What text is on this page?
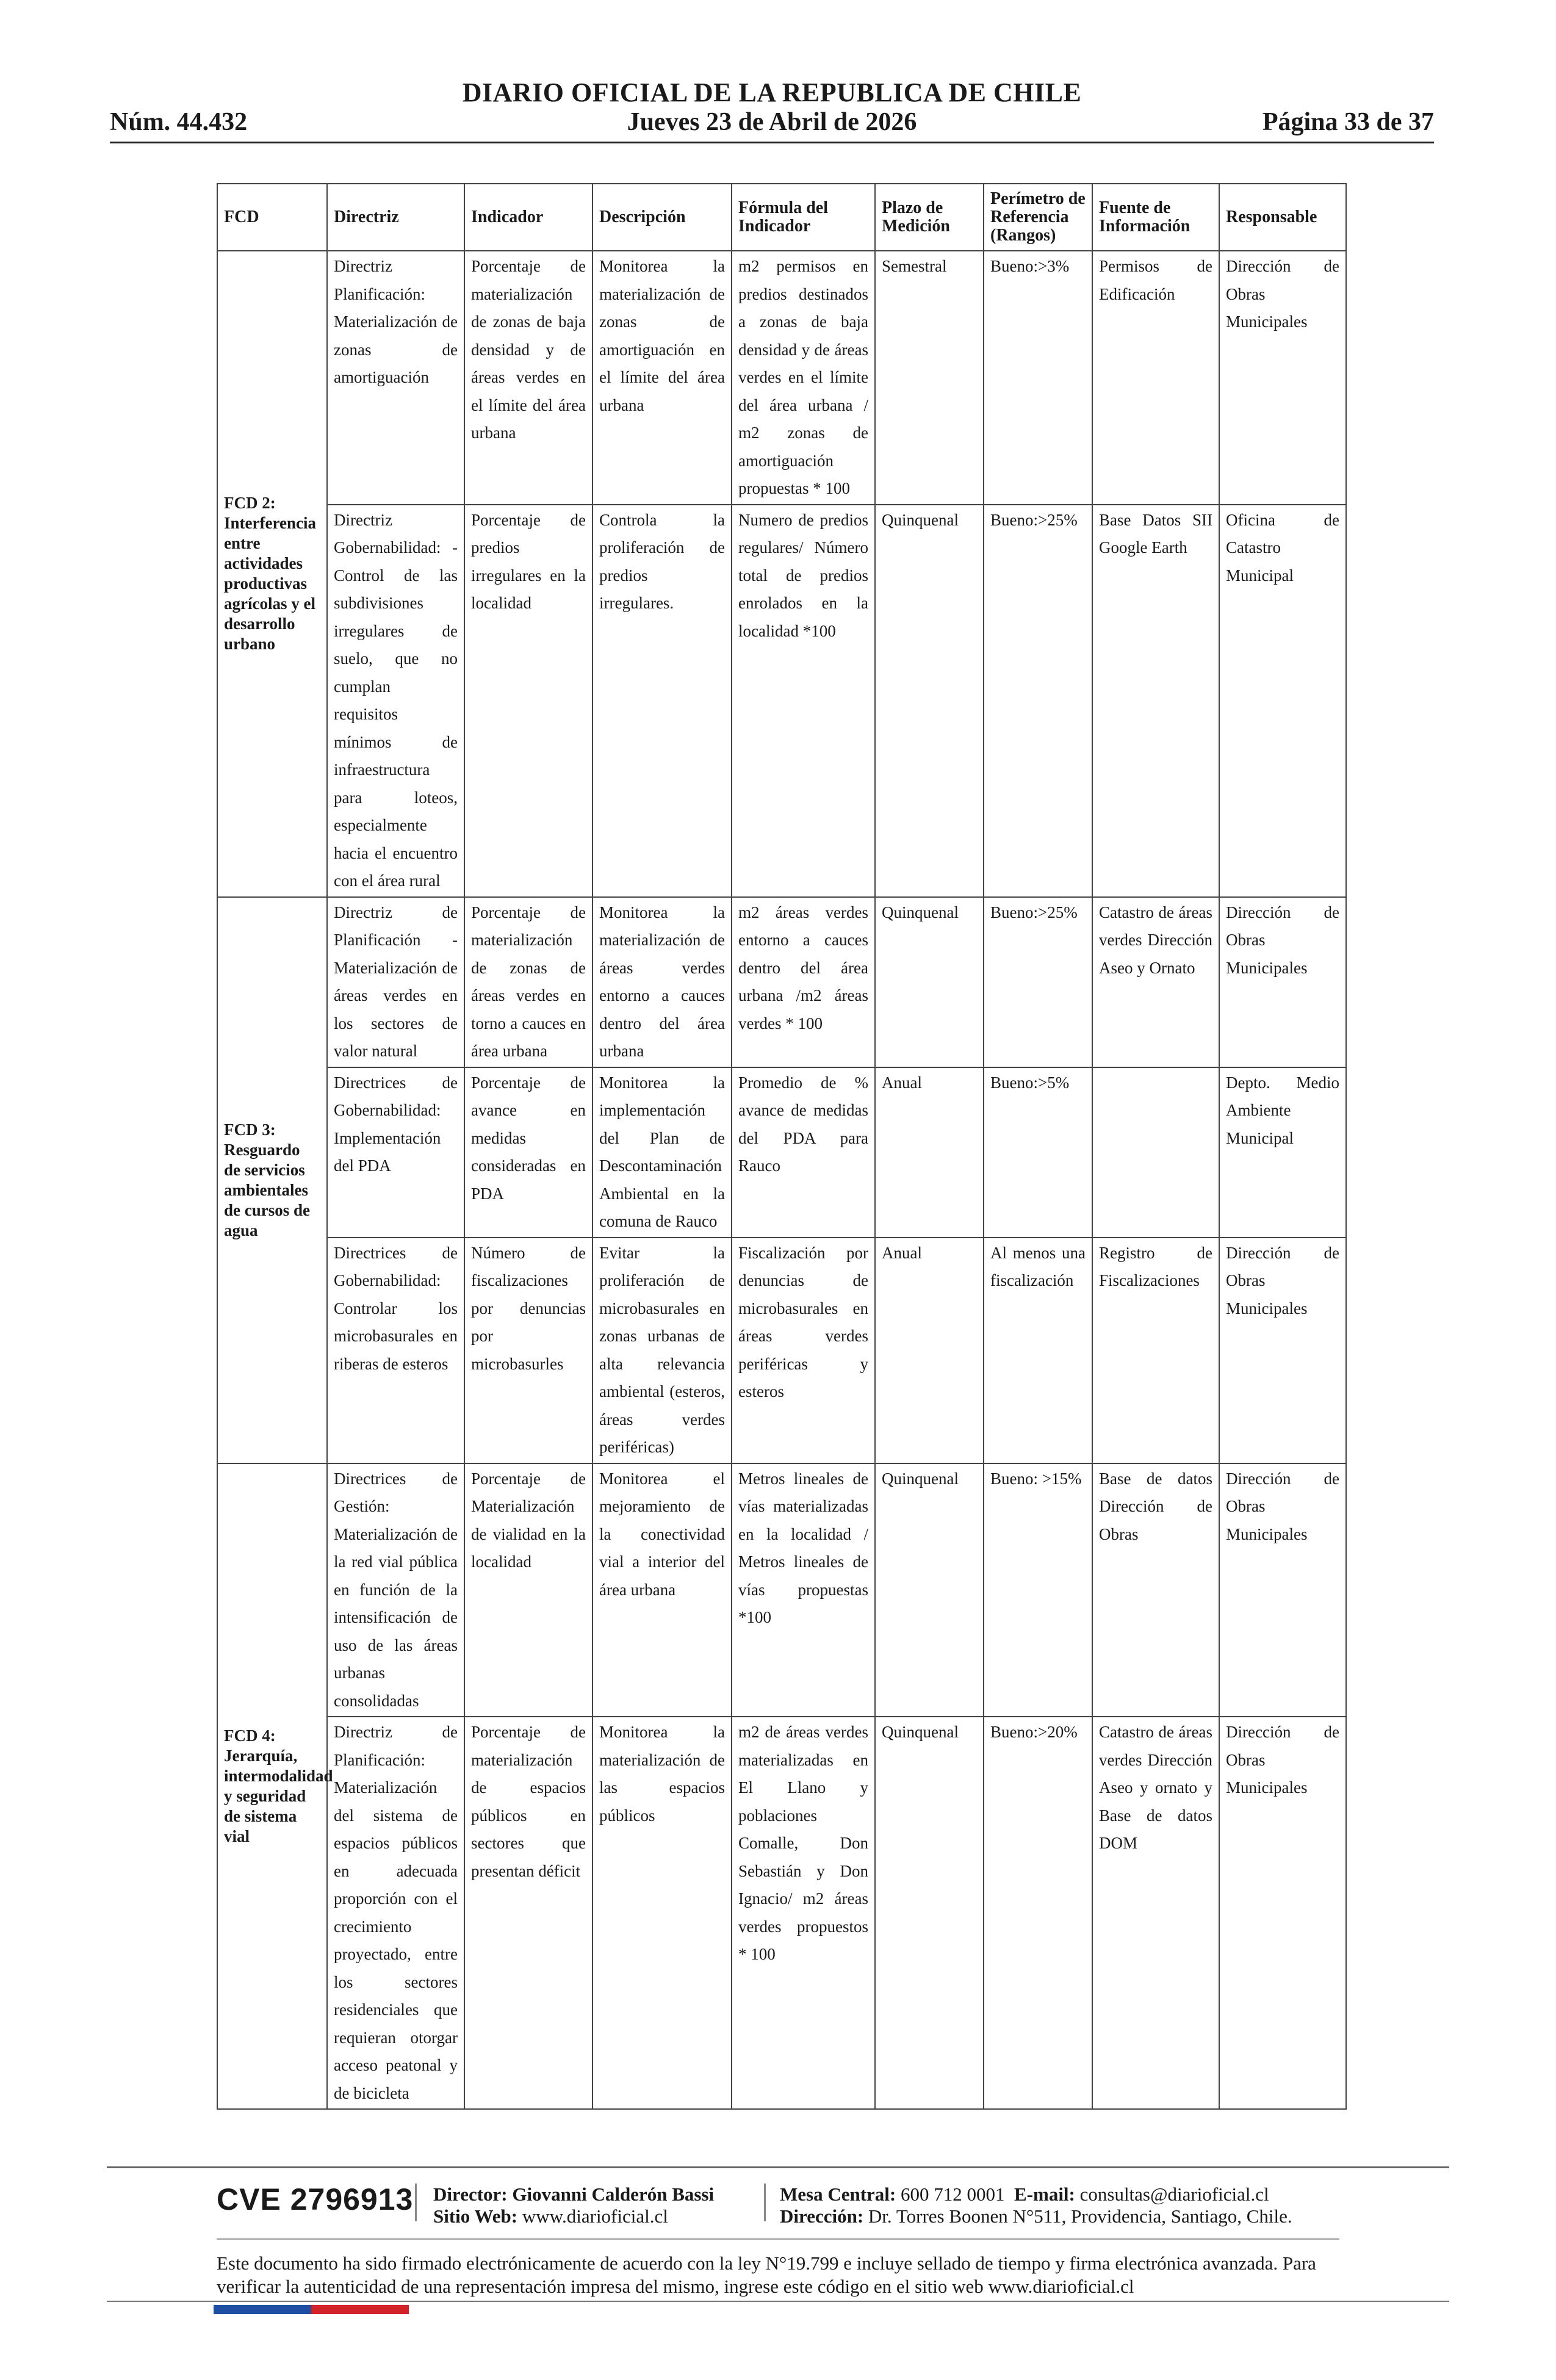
DIARIO OFICIAL DE LA REPUBLICA DE CHILE
Jueves 23 de Abril de 2026
Núm. 44.432	Página 33 de 37
FCD	Directriz	Indicador	Descripción	Fórmula del Indicador	Plazo de Medición	Perímetro de Referencia (Rangos)	Fuente de Información	Responsable
FCD 2: Interferencia entre actividades productivas agrícolas y el desarrollo urbano	Directriz Planificación: Materialización de zonas de amortiguación	Porcentaje de materialización de zonas de baja densidad y de áreas verdes en el límite del área urbana	Monitorea la materialización de zonas de amortiguación en el límite del área urbana	m2 permisos en predios destinados a zonas de baja densidad y de áreas verdes en el límite del área urbana / m2 zonas de amortiguación propuestas * 100	Semestral	Bueno:>3%	Permisos de Edificación	Dirección de Obras Municipales
	Directriz Gobernabilidad: - Control de las subdivisiones irregulares de suelo, que no cumplan requisitos mínimos de infraestructura para loteos, especialmente hacia el encuentro con el área rural	Porcentaje de predios irregulares en la localidad	Controla la proliferación de predios irregulares.	Numero de predios regulares/ Número total de predios enrolados en la localidad *100	Quinquenal	Bueno:>25%	Base Datos SII Google Earth	Oficina de Catastro Municipal
FCD 3: Resguardo de servicios ambientales de cursos de agua	Directriz de Planificación - Materialización de áreas verdes en los sectores de valor natural	Porcentaje de materialización de zonas de áreas verdes en torno a cauces en área urbana	Monitorea la materialización de áreas verdes entorno a cauces dentro del área urbana	m2 áreas verdes entorno a cauces dentro del área urbana /m2 áreas verdes * 100	Quinquenal	Bueno:>25%	Catastro de áreas verdes Dirección Aseo y Ornato	Dirección de Obras Municipales
	Directrices de Gobernabilidad: Implementación del PDA	Porcentaje de avance en medidas consideradas en PDA	Monitorea la implementación del Plan de Descontaminación Ambiental en la comuna de Rauco	Promedio de % avance de medidas del PDA para Rauco	Anual	Bueno:>5%		Depto. Medio Ambiente Municipal
	Directrices de Gobernabilidad: Controlar los microbasurales en riberas de esteros	Número de fiscalizaciones por denuncias por microbasurles	Evitar la proliferación de microbasurales en zonas urbanas de alta relevancia ambiental (esteros, áreas verdes periféricas)	Fiscalización por denuncias de microbasurales en áreas verdes periféricas y esteros	Anual	Al menos una fiscalización	Registro de Fiscalizaciones	Dirección de Obras Municipales
FCD 4: Jerarquía, intermodalidad y seguridad de sistema vial	Directrices de Gestión: Materialización de la red vial pública en función de la intensificación de uso de las áreas urbanas consolidadas	Porcentaje de Materialización de vialidad en la localidad	Monitorea el mejoramiento de la conectividad vial a interior del área urbana	Metros lineales de vías materializadas en la localidad / Metros lineales de vías propuestas *100	Quinquenal	Bueno: >15%	Base de datos Dirección de Obras	Dirección de Obras Municipales
	Directriz de Planificación: Materialización del sistema de espacios públicos en adecuada proporción con el crecimiento proyectado, entre los sectores residenciales que requieran otorgar acceso peatonal y de bicicleta	Porcentaje de materialización de espacios públicos en sectores que presentan déficit	Monitorea la materialización de las espacios públicos	m2 de áreas verdes materializadas en El Llano y poblaciones Comalle, Don Sebastián y Don Ignacio/ m2 áreas verdes propuestos * 100	Quinquenal	Bueno:>20%	Catastro de áreas verdes Dirección Aseo y ornato y Base de datos DOM	Dirección de Obras Municipales
CVE 2796913 Director: Giovanni Calderón Bassi
Sitio Web: www.diarioficial.cl
Mesa Central: 600 712 0001 E-mail: consultas@diarioficial.cl
Dirección: Dr. Torres Boonen N°511, Providencia, Santiago, Chile.
Este documento ha sido firmado electrónicamente de acuerdo con la ley N°19.799 e incluye sellado de tiempo y firma electrónica avanzada. Para verificar la autenticidad de una representación impresa del mismo, ingrese este código en el sitio web www.diarioficial.cl
